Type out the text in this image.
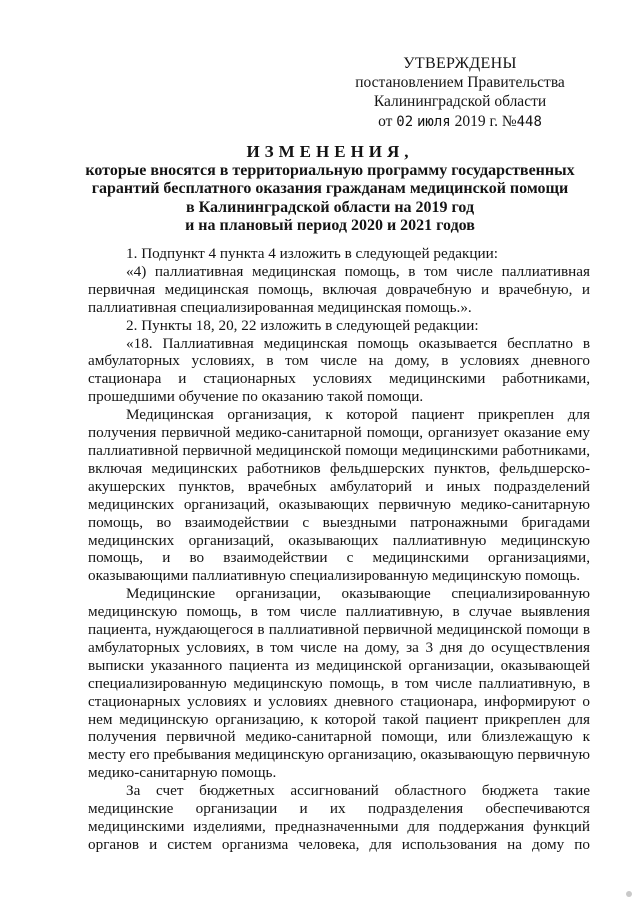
УТВЕРЖДЕНЫ
постановлением Правительства
Калининградской области
от 02 июля 2019 г. №448
ИЗМЕНЕНИЯ,
которые вносятся в территориальную программу государственных
гарантий бесплатного оказания гражданам медицинской помощи
в Калининградской области на 2019 год
и на плановый период 2020 и 2021 годов

1. Подпункт 4 пункта 4 изложить в следующей редакции:

«4) паллиативная медицинская помощь, в том числе паллиативная первичная медицинская помощь, включая доврачебную и врачебную, и паллиативная специализированная медицинская помощь.».

2. Пункты 18, 20, 22 изложить в следующей редакции:

«18. Паллиативная медицинская помощь оказывается бесплатно в амбулаторных условиях, в том числе на дому, в условиях дневного стационара и стационарных условиях медицинскими работниками, прошедшими обучение по оказанию такой помощи.

Медицинская организация, к которой пациент прикреплен для получения первичной медико-санитарной помощи, организует оказание ему паллиативной первичной медицинской помощи медицинскими работниками, включая медицинских работников фельдшерских пунктов, фельдшерско-акушерских пунктов, врачебных амбулаторий и иных подразделений медицинских организаций, оказывающих первичную медико-санитарную помощь, во взаимодействии с выездными патронажными бригадами медицинских организаций, оказывающих паллиативную медицинскую помощь, и во взаимодействии с медицинскими организациями, оказывающими паллиативную специализированную медицинскую помощь.

Медицинские организации, оказывающие специализированную медицинскую помощь, в том числе паллиативную, в случае выявления пациента, нуждающегося в паллиативной первичной медицинской помощи в амбулаторных условиях, в том числе на дому, за 3 дня до осуществления выписки указанного пациента из медицинской организации, оказывающей специализированную медицинскую помощь, в том числе паллиативную, в стационарных условиях и условиях дневного стационара, информируют о нем медицинскую организацию, к которой такой пациент прикреплен для получения первичной медико-санитарной помощи, или близлежащую к месту его пребывания медицинскую организацию, оказывающую первичную медико-санитарную помощь.

За счет бюджетных ассигнований областного бюджета такие медицинские организации и их подразделения обеспечиваются медицинскими изделиями, предназначенными для поддержания функций органов и систем организма человека, для использования на дому по
